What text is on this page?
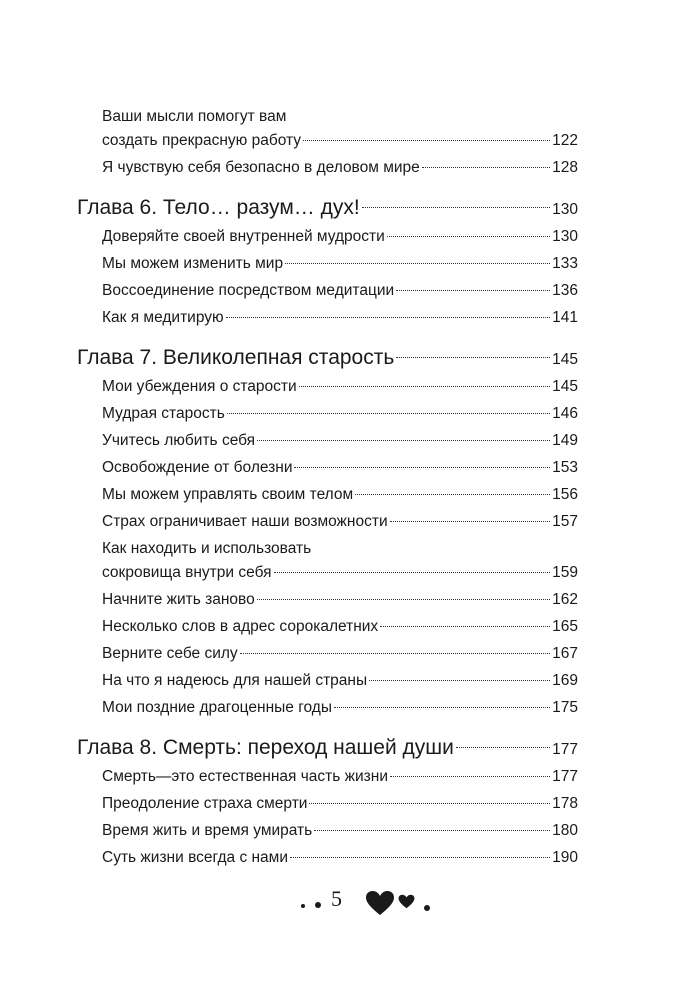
Ваши мысли помогут вам
создать прекрасную работу	122
Я чувствую себя безопасно в деловом мире	128
Глава 6. Тело… разум… дух!	130
Доверяйте своей внутренней мудрости	130
Мы можем изменить мир	133
Воссоединение посредством медитации	136
Как я медитирую	141
Глава 7. Великолепная старость	145
Мои убеждения о старости	145
Мудрая старость	146
Учитесь любить себя	149
Освобождение от болезни	153
Мы можем управлять своим телом	156
Страх ограничивает наши возможности	157
Как находить и использовать
сокровища внутри себя	159
Начните жить заново	162
Несколько слов в адрес сорокалетних	165
Верните себе силу	167
На что я надеюсь для нашей страны	169
Мои поздние драгоценные годы	175
Глава 8. Смерть: переход нашей души	177
Смерть—это естественная часть жизни	177
Преодоление страха смерти	178
Время жить и время умирать	180
Суть жизни всегда с нами	190
5
